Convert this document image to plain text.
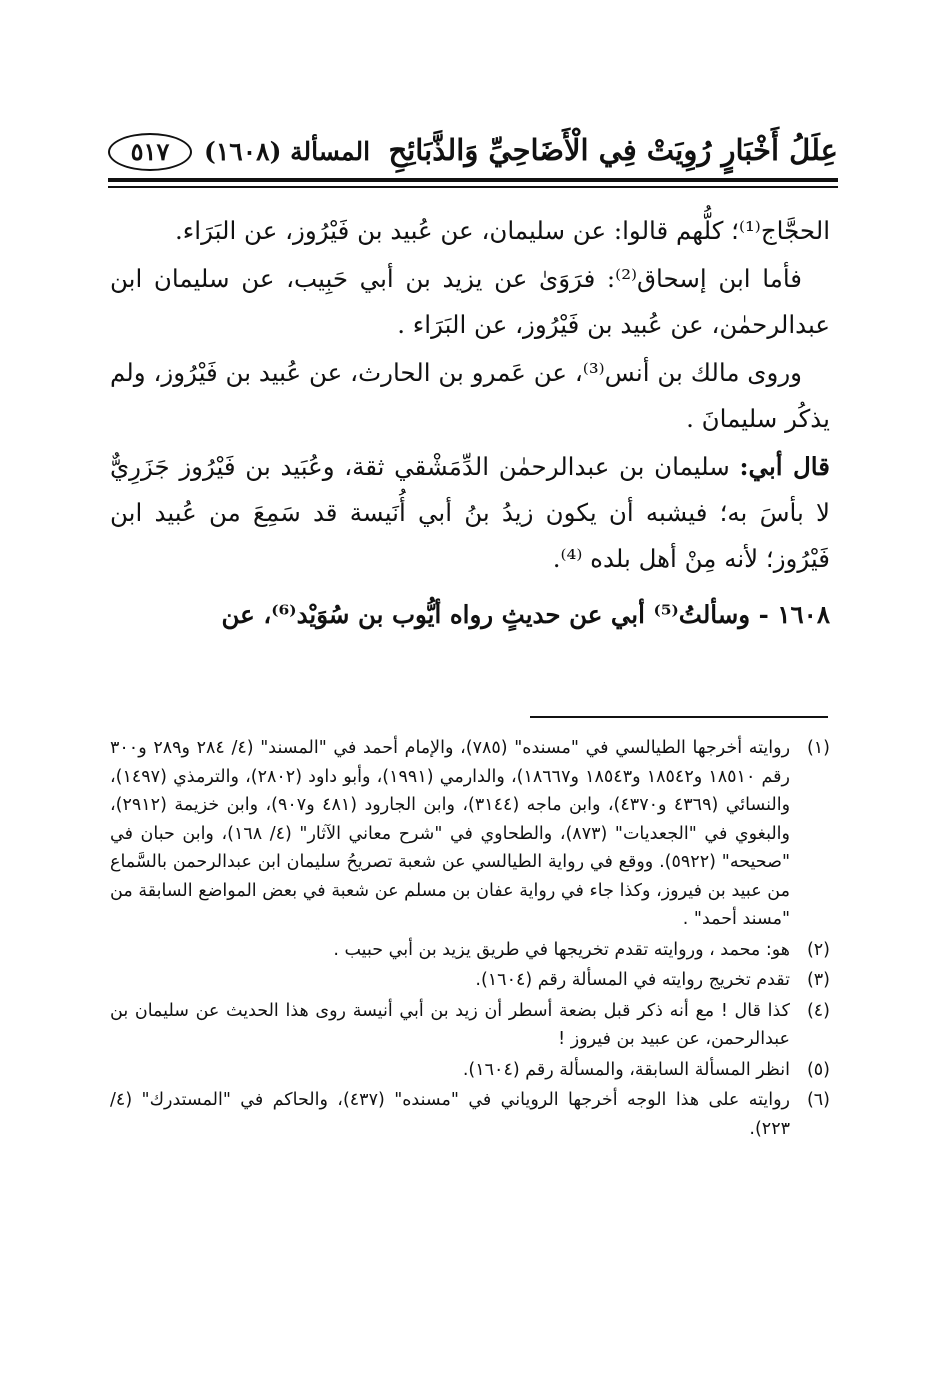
٥١٧	المسألة (١٦٠٨) عِلَلُ أَخْبَارٍ رُوِيَتْ فِي الْأَضَاحِيِّ وَالذَّبَائِحِ

الحجَّاج⁽¹⁾؛ كلُّهم قالوا: عن سليمان، عن عُبيد بن فَيْرُوز، عن البَرَاء.

فأما ابن إسحاق⁽²⁾: فرَوَىٰ عن يزيد بن أبي حَبِيب، عن سليمان ابن عبدالرحمٰن، عن عُبيد بن فَيْرُوز، عن البَرَاء .

وروى مالك بن أنس⁽³⁾، عن عَمرو بن الحارث، عن عُبيد بن فَيْرُوز، ولم يذكُر سليمانَ .

قال أبي: سليمان بن عبدالرحمٰن الدِّمَشْقي ثقة، وعُبَيد بن فَيْرُوز جَزَرِيٌّ لا بأسَ به؛ فيشبه أن يكون زيدُ بنُ أبي أُنَيسة قد سَمِعَ من عُبيد ابن فَيْرُوز؛ لأنه مِنْ أهل بلده ⁽⁴⁾.

١٦٠٨ - وسألتُ⁽⁵⁾ أبي عن حديثٍ رواه أيُّوب بن سُوَيْد⁽⁶⁾، عن

(١)
روايته أخرجها الطيالسي في "مسنده" (٧٨٥)، والإمام أحمد في "المسند" (٤/ ٢٨٤ و٢٨٩ و٣٠٠ رقم ١٨٥١٠ و١٨٥٤٢ و١٨٥٤٣ و١٨٦٦٧)، والدارمي (١٩٩١)، وأبو داود (٢٨٠٢)، والترمذي (١٤٩٧)، والنسائي (٤٣٦٩ و٤٣٧٠)، وابن ماجه (٣١٤٤)، وابن الجارود (٤٨١ و٩٠٧)، وابن خزيمة (٢٩١٢)، والبغوي في "الجعديات" (٨٧٣)، والطحاوي في "شرح معاني الآثار" (٤/ ١٦٨)، وابن حبان في "صحيحه" (٥٩٢٢). ووقع في رواية الطيالسي عن شعبة تصريحُ سليمان ابن عبدالرحمن بالسَّماع من عبيد بن فيروز، وكذا جاء في رواية عفان بن مسلم عن شعبة في بعض المواضع السابقة من "مسند أحمد" .
(٢)
هو: محمد ، وروايته تقدم تخريجها في طريق يزيد بن أبي حبيب .
(٣)
تقدم تخريج روايته في المسألة رقم (١٦٠٤).
(٤)
كذا قال ! مع أنه ذكر قبل بضعة أسطر أن زيد بن أبي أنيسة روى هذا الحديث عن سليمان بن عبدالرحمن، عن عبيد بن فيروز !
(٥)
انظر المسألة السابقة، والمسألة رقم (١٦٠٤).
(٦)
روايته على هذا الوجه أخرجها الروياني في "مسنده" (٤٣٧)، والحاكم في "المستدرك" (٤/ ٢٢٣).
